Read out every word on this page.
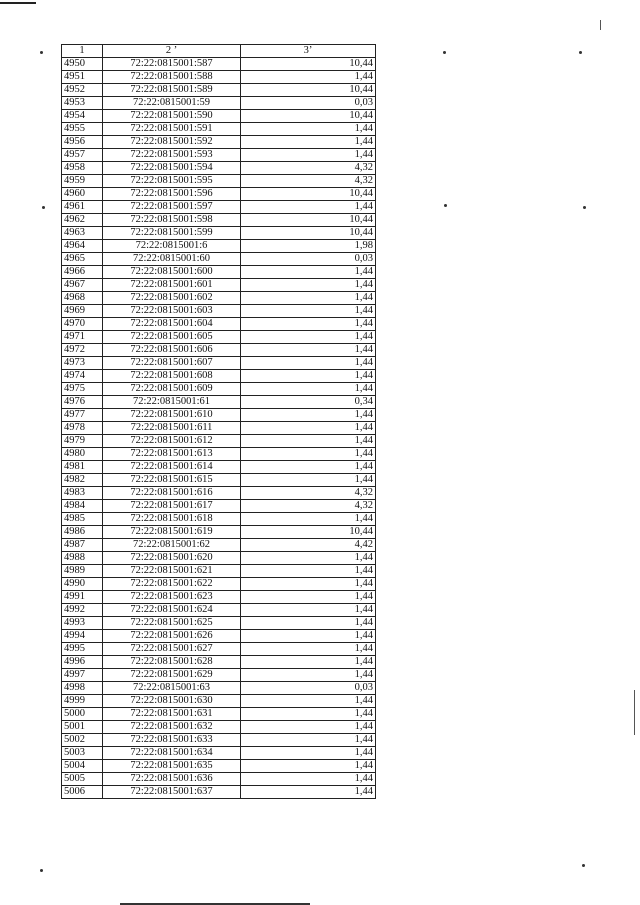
1	2 ’	3’
4950	72:22:0815001:587	10,44
4951	72:22:0815001:588	1,44
4952	72:22:0815001:589	10,44
4953	72:22:0815001:59	0,03
4954	72:22:0815001:590	10,44
4955	72:22:0815001:591	1,44
4956	72:22:0815001:592	1,44
4957	72:22:0815001:593	1,44
4958	72:22:0815001:594	4,32
4959	72:22:0815001:595	4,32
4960	72:22:0815001:596	10,44
4961	72:22:0815001:597	1,44
4962	72:22:0815001:598	10,44
4963	72:22:0815001:599	10,44
4964	72:22:0815001:6	1,98
4965	72:22:0815001:60	0,03
4966	72:22:0815001:600	1,44
4967	72:22:0815001:601	1,44
4968	72:22:0815001:602	1,44
4969	72:22:0815001:603	1,44
4970	72:22:0815001:604	1,44
4971	72:22:0815001:605	1,44
4972	72:22:0815001:606	1,44
4973	72:22:0815001:607	1,44
4974	72:22:0815001:608	1,44
4975	72:22:0815001:609	1,44
4976	72:22:0815001:61	0,34
4977	72:22:0815001:610	1,44
4978	72:22:0815001:611	1,44
4979	72:22:0815001:612	1,44
4980	72:22:0815001:613	1,44
4981	72:22:0815001:614	1,44
4982	72:22:0815001:615	1,44
4983	72:22:0815001:616	4,32
4984	72:22:0815001:617	4,32
4985	72:22:0815001:618	1,44
4986	72:22:0815001:619	10,44
4987	72:22:0815001:62	4,42
4988	72:22:0815001:620	1,44
4989	72:22:0815001:621	1,44
4990	72:22:0815001:622	1,44
4991	72:22:0815001:623	1,44
4992	72:22:0815001:624	1,44
4993	72:22:0815001:625	1,44
4994	72:22:0815001:626	1,44
4995	72:22:0815001:627	1,44
4996	72:22:0815001:628	1,44
4997	72:22:0815001:629	1,44
4998	72:22:0815001:63	0,03
4999	72:22:0815001:630	1,44
5000	72:22:0815001:631	1,44
5001	72:22:0815001:632	1,44
5002	72:22:0815001:633	1,44
5003	72:22:0815001:634	1,44
5004	72:22:0815001:635	1,44
5005	72:22:0815001:636	1,44
5006	72:22:0815001:637	1,44
